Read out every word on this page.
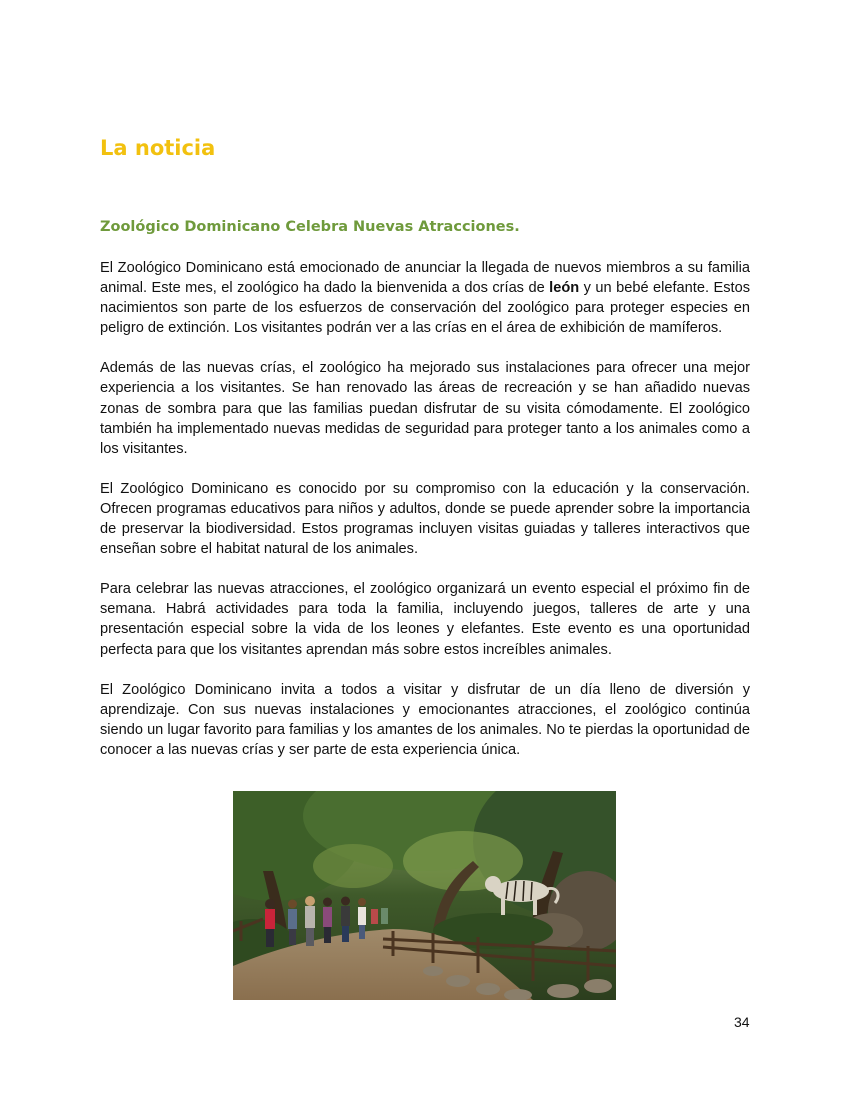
La noticia
Zoológico Dominicano Celebra Nuevas Atracciones.

El Zoológico Dominicano está emocionado de anunciar la llegada de nuevos miembros a su familia animal. Este mes, el zoológico ha dado la bienvenida a dos crías de león y un bebé elefante. Estos nacimientos son parte de los esfuerzos de conservación del zoológico para proteger especies en peligro de extinción. Los visitantes podrán ver a las crías en el área de exhibición de mamíferos.

Además de las nuevas crías, el zoológico ha mejorado sus instalaciones para ofrecer una mejor experiencia a los visitantes. Se han renovado las áreas de recreación y se han añadido nuevas zonas de sombra para que las familias puedan disfrutar de su visita cómodamente. El zoológico también ha implementado nuevas medidas de seguridad para proteger tanto a los animales como a los visitantes.

El Zoológico Dominicano es conocido por su compromiso con la educación y la conservación. Ofrecen programas educativos para niños y adultos, donde se puede aprender sobre la importancia de preservar la biodiversidad. Estos programas incluyen visitas guiadas y talleres interactivos que enseñan sobre el habitat natural de los animales.

Para celebrar las nuevas atracciones, el zoológico organizará un evento especial el próximo fin de semana. Habrá actividades para toda la familia, incluyendo juegos, talleres de arte y una presentación especial sobre la vida de los leones y elefantes. Este evento es una oportunidad perfecta para que los visitantes aprendan más sobre estos increíbles animales.

El Zoológico Dominicano invita a todos a visitar y disfrutar de un día lleno de diversión y aprendizaje. Con sus nuevas instalaciones y emocionantes atracciones, el zoológico continúa siendo un lugar favorito para familias y los amantes de los animales. No te pierdas la oportunidad de conocer a las nuevas crías y ser parte de esta experiencia única.

34
